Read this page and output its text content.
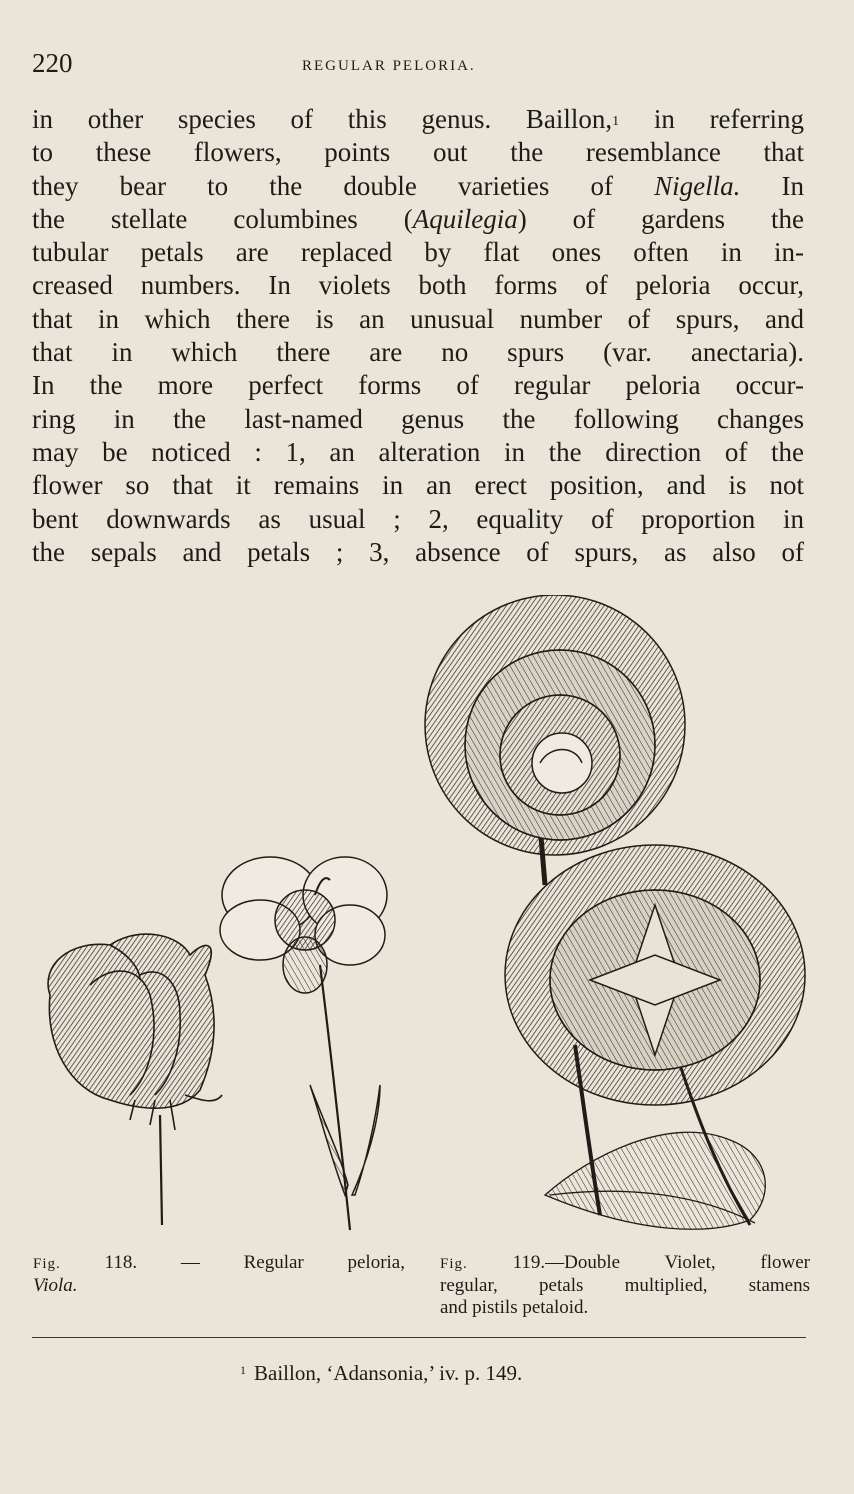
220	REGULAR PELORIA.
in other species of this genus. Baillon,$^1$ in referring
to these flowers, points out the resemblance that
they bear to the double varieties of Nigella. In
the stellate columbines (Aquilegia) of gardens the
tubular petals are replaced by flat ones often in in-
creased numbers. In violets both forms of peloria occur,
that in which there is an unusual number of spurs, and
that in which there are no spurs (var. anectaria).
In the more perfect forms of regular peloria occur-
ring in the last-named genus the following changes
may be noticed : 1, an alteration in the direction of the
flower so that it remains in an erect position, and is not
bent downwards as usual ; 2, equality of proportion in
the sepals and petals ; 3, absence of spurs, as also of
Fig. 118. — Regular peloria,
Viola.
Fig. 119.—Double Violet, flower
regular, petals multiplied, stamens
and pistils petaloid.
$^1$ Baillon, ‘Adansonia,’ iv. p. 149.
